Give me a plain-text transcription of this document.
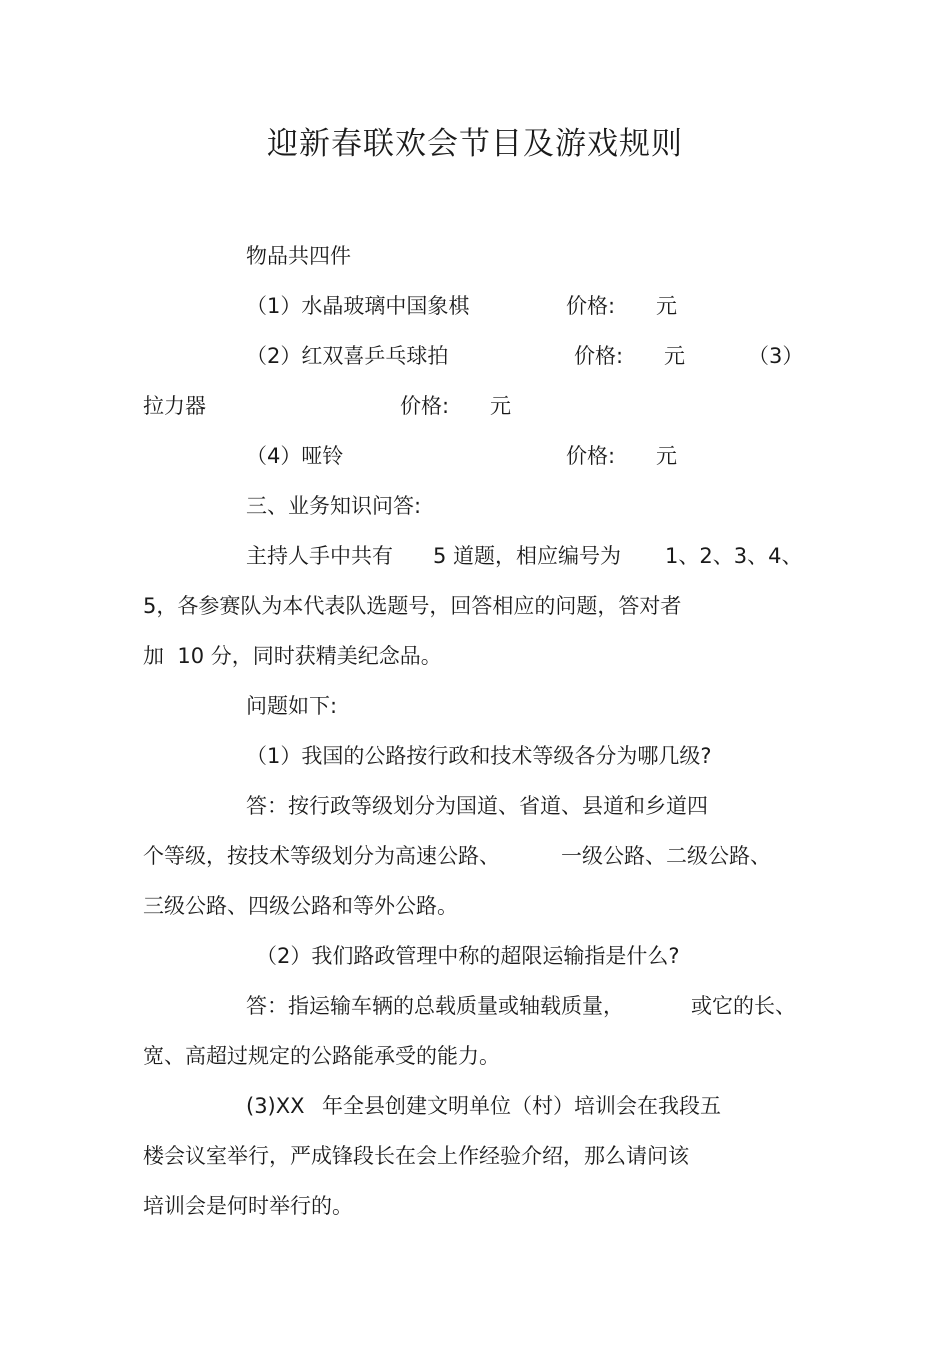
迎新春联欢会节目及游戏规则
物品共四件
（1）水晶玻璃中国象棋	价格: 元
（2）红双喜乒乓球拍	价格: 元	（3）
拉力器	价格: 元
（4）哑铃	价格: 元
三、业务知识问答:
主持人手中共有 5 道题，相应编号为 1、2、3、4、
5，各参赛队为本代表队选题号，回答相应的问题，答对者
加  10 分，同时获精美纪念品。
问题如下:
（1）我国的公路按行政和技术等级各分为哪几级?
答：按行政等级划分为国道、省道、县道和乡道四
个等级，按技术等级划分为高速公路、	一级公路、二级公路、
三级公路、四级公路和等外公路。
（2）我们路政管理中称的超限运输指是什么?
答：指运输车辆的总载质量或轴载质量，	或它的长、
宽、高超过规定的公路能承受的能力。
(3)XX 年全县创建文明单位（村）培训会在我段五
楼会议室举行，严成锋段长在会上作经验介绍，那么请问该
培训会是何时举行的。
